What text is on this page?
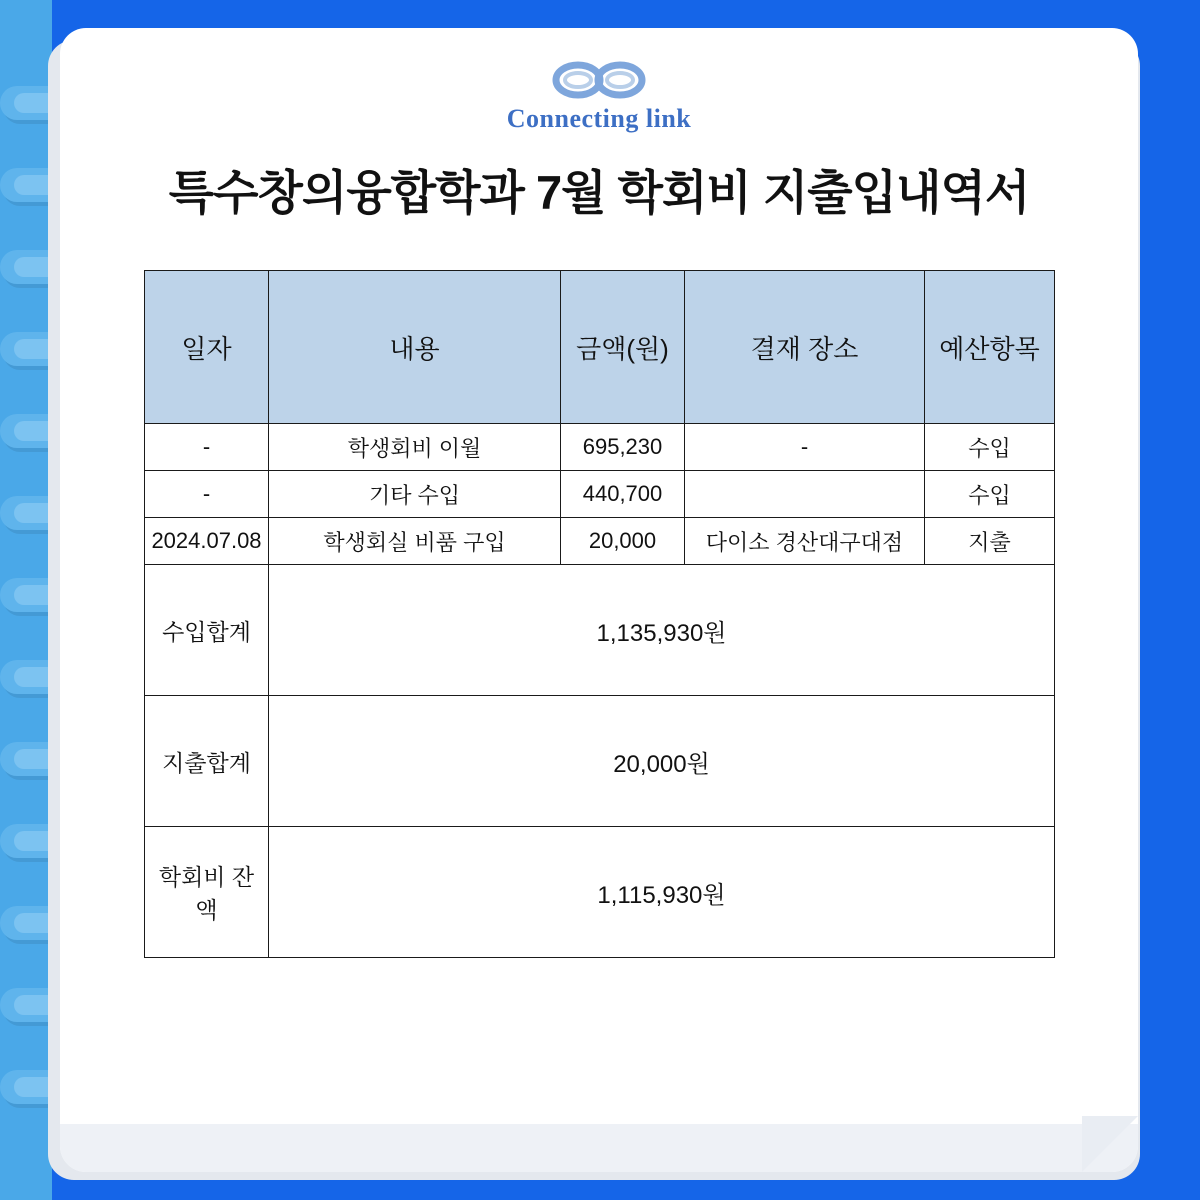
Connecting link
특수창의융합학과 7월 학회비 지출입내역서
일자	내용	금액(원)	결재 장소	예산항목
-	학생회비 이월	695,230	-	수입
-	기타 수입	440,700		수입
2024.07.08	학생회실 비품 구입	20,000	다이소 경산대구대점	지출
수입합계	1,135,930원			
지출합계	20,000원			
학회비 잔액	1,115,930원			
